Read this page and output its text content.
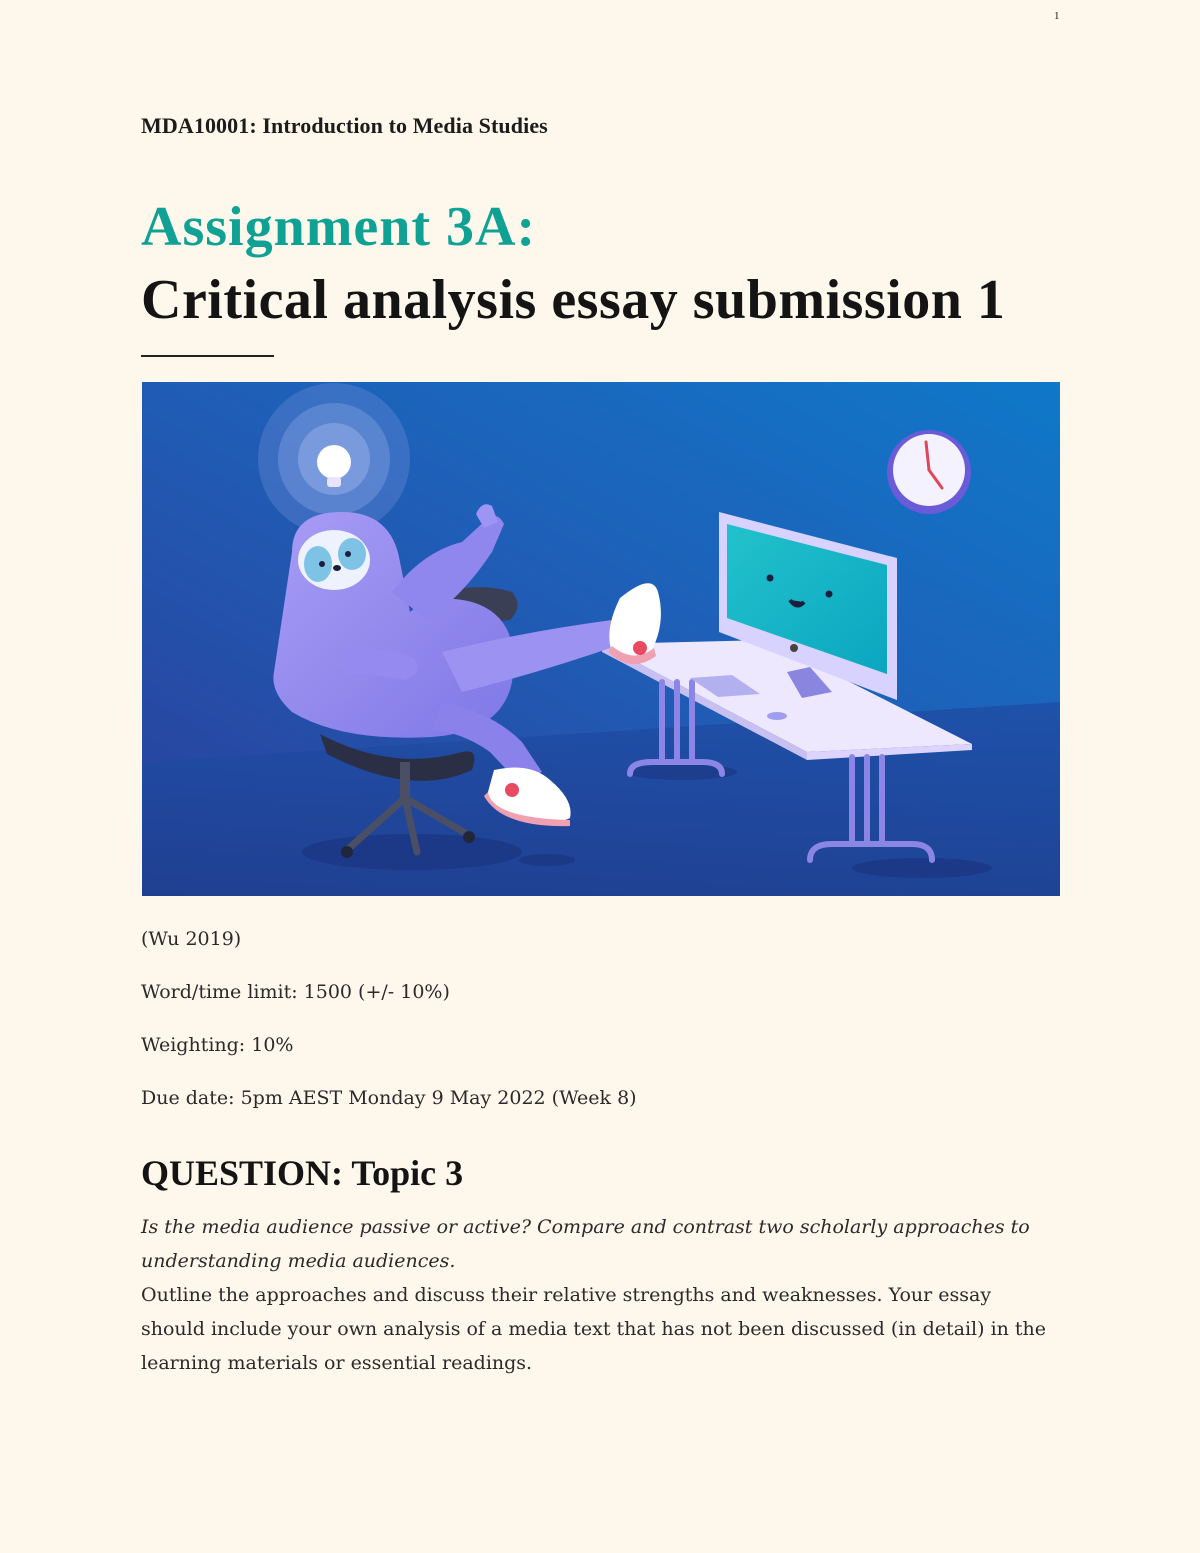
1
MDA10001: Introduction to Media Studies
Assignment 3A:
Critical analysis essay submission 1
(Wu 2019)
Word/time limit: 1500 (+/- 10%)
Weighting: 10%
Due date: 5pm AEST Monday 9 May 2022 (Week 8)
QUESTION: Topic 3
Is the media audience passive or active? Compare and contrast two scholarly approaches to understanding media audiences.
Outline the approaches and discuss their relative strengths and weaknesses. Your essay should include your own analysis of a media text that has not been discussed (in detail) in the learning materials or essential readings.
